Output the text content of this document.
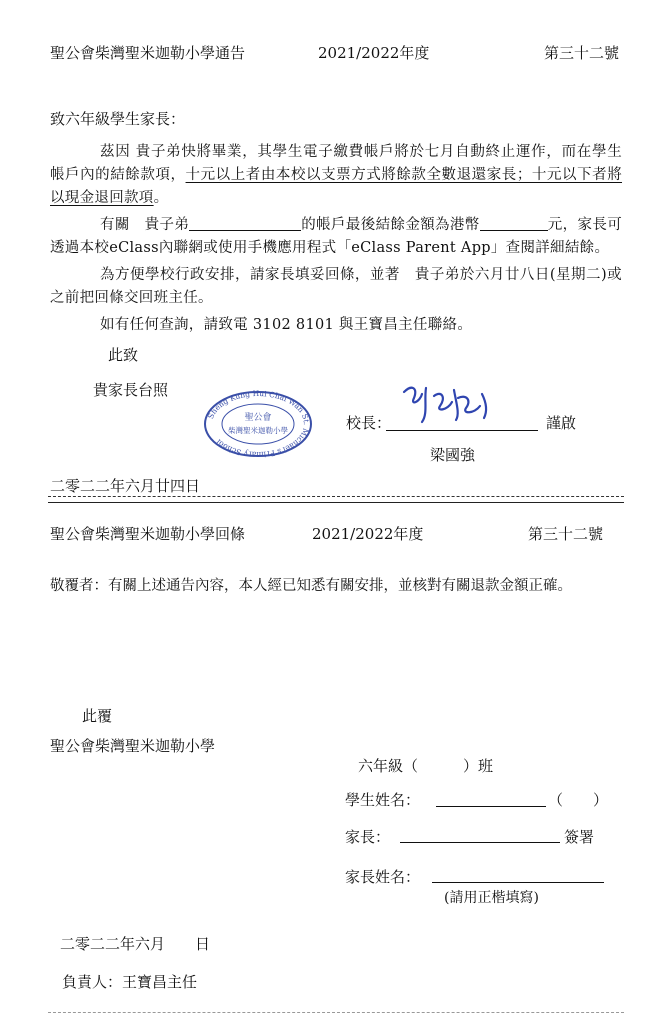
聖公會柴灣聖米迦勒小學通告	2021/2022年度	第三十二號
致六年級學生家長：
茲因 貴子弟快將畢業，其學生電子繳費帳戶將於七月自動終止運作，而在學生帳戶內的結餘款項，十元以上者由本校以支票方式將餘款全數退還家長；十元以下者將以現金退回款項。
有關　貴子弟	的帳戶最後結餘金額為港幣	元，家長可透過本校eClass內聯網或使用手機應用程式「eClass Parent App」查閱詳細結餘。
為方便學校行政安排，請家長填妥回條，並著　貴子弟於六月廿八日(星期二)或之前把回條交回班主任。
如有任何查詢，請致電 3102 8101 與王寶昌主任聯絡。
此致
貴家長台照
Sheng Kung Hui Chai Wan St. Michael's Primary School
聖公會
柴灣聖米迦勒小學	校長：	謹啟
梁國強
二零二二年六月廿四日
聖公會柴灣聖米迦勒小學回條	2021/2022年度	第三十二號
敬覆者：有關上述通告內容，本人經已知悉有關安排，並核對有關退款金額正確。
此覆
聖公會柴灣聖米迦勒小學
六年級（　　　）班
學生姓名：	（　　）
家長：	簽署
家長姓名：
(請用正楷填寫)
二零二二年六月　　日
負責人：王寶昌主任
